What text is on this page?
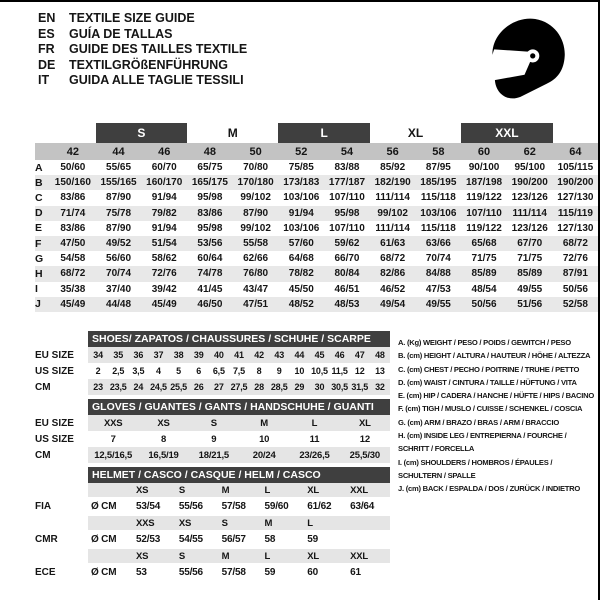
EN	TEXTILE SIZE GUIDE
ES	GUÍA DE TALLAS
FR	GUIDE DES TAILLES TEXTILE
DE	TEXTILGRÖßENFÜHRUNG
IT	GUIDA ALLE TAGLIE TESSILI
		S		M		L		XL		XXL		
	42	44	46	48	50	52	54	56	58	60	62	64
A	50/60	55/65	60/70	65/75	70/80	75/85	83/88	85/92	87/95	90/100	95/100	105/115
B	150/160	155/165	160/170	165/175	170/180	173/183	177/187	182/190	185/195	187/198	190/200	190/200
C	83/86	87/90	91/94	95/98	99/102	103/106	107/110	111/114	115/118	119/122	123/126	127/130
D	71/74	75/78	79/82	83/86	87/90	91/94	95/98	99/102	103/106	107/110	111/114	115/119
E	83/86	87/90	91/94	95/98	99/102	103/106	107/110	111/114	115/118	119/122	123/126	127/130
F	47/50	49/52	51/54	53/56	55/58	57/60	59/62	61/63	63/66	65/68	67/70	68/72
G	54/58	56/60	58/62	60/64	62/66	64/68	66/70	68/72	70/74	71/75	71/75	72/76
H	68/72	70/74	72/76	74/78	76/80	78/82	80/84	82/86	84/88	85/89	85/89	87/91
I	35/38	37/40	39/42	41/45	43/47	45/50	46/51	46/52	47/53	48/54	49/55	50/56
J	45/49	44/48	45/49	46/50	47/51	48/52	48/53	49/54	49/55	50/56	51/56	52/58
	SHOES/ ZAPATOS / CHAUSSURES / SCHUHE / SCARPE														
EU SIZE	34	35	36	37	38	39	40	41	42	43	44	45	46	47	48
US SIZE	2	2,5	3,5	4	5	6	6,5	7,5	8	9	10	10,5	11,5	12	13
CM	23	23,5	24	24,5	25,5	26	27	27,5	28	28,5	29	30	30,5	31,5	32
	GLOVES / GUANTES / GANTS / HANDSCHUHE / GUANTI					
EU SIZE	XXS	XS	S	M	L	XL
US SIZE	7	8	9	10	11	12
CM	12,5/16,5	16,5/19	18/21,5	20/24	23/26,5	25,5/30
	HELMET / CASCO / CASQUE / HELM / CASCO						
		XS	S	M	L	XL	XXL
FIA	Ø CM	53/54	55/56	57/58	59/60	61/62	63/64
		XXS	XS	S	M	L	
CMR	Ø CM	52/53	54/55	56/57	58	59	
		XS	S	M	L	XL	XXL
ECE	Ø CM	53	55/56	57/58	59	60	61
A. (Kg) WEIGHT / PESO / POIDS / GEWITCH / PESO
B. (cm) HEIGHT / ALTURA / HAUTEUR / HÖHE / ALTEZZA
C. (cm) CHEST / PECHO / POITRINE / TRUHE / PETTO
D. (cm) WAIST / CINTURA / TAILLE / HÜFTUNG / VITA
E. (cm) HIP / CADERA / HANCHE / HÜFTE / HIPS / BACINO
F. (cm) TIGH / MUSLO / CUISSE / SCHENKEL / COSCIA
G. (cm) ARM / BRAZO / BRAS / ARM / BRACCIO
H. (cm) INSIDE LEG / ENTREPIERNA / FOURCHE /
SCHRITT / FORCELLA
I. (cm) SHOULDERS / HOMBROS / ÉPAULES /
SCHULTERN / SPALLE
J. (cm) BACK / ESPALDA / DOS / ZURÜCK / INDIETRO
